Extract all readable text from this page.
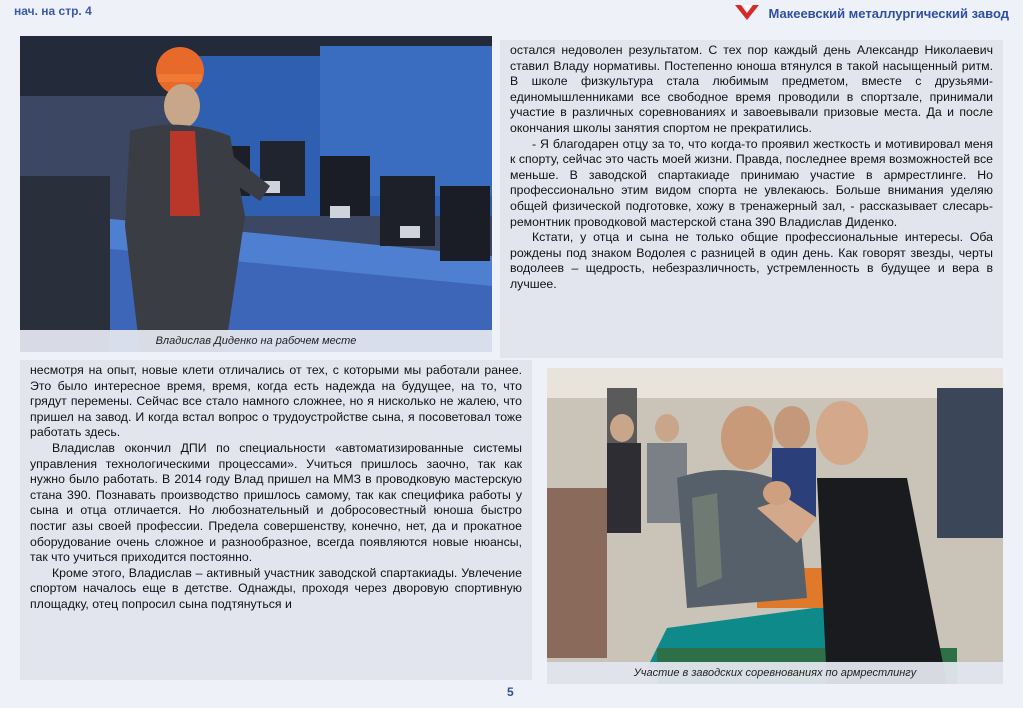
нач. на стр. 4	Макеевский металлургический завод
Владислав Диденко на рабочем месте

остался недоволен результатом. С тех пор каждый день Александр Николаевич ставил Владу нормативы. Постепенно юноша втянулся в такой насыщенный ритм. В школе физкультура стала любимым предметом, вместе с друзьями-единомышленниками все свободное время проводили в спортзале, принимали участие в различных соревнованиях и завоевывали призовые места. Да и после окончания школы занятия спортом не прекратились.

- Я благодарен отцу за то, что когда-то проявил жесткость и мотивировал меня к спорту, сейчас это часть моей жизни. Правда, последнее время возможностей все меньше. В заводской спартакиаде принимаю участие в армрестлинге. Но профессионально этим видом спорта не увлекаюсь. Больше внимания уделяю общей физической подготовке, хожу в тренажерный зал, - рассказывает слесарь-ремонтник проводковой мастерской стана 390 Владислав Диденко.

Кстати, у отца и сына не только общие профессиональные интересы. Оба рождены под знаком Водолея с разницей в один день. Как говорят звезды, черты водолеев – щедрость, небезразличность, устремленность в будущее и вера в лучшее.

несмотря на опыт, новые клети отличались от тех, с которыми мы работали ранее. Это было интересное время, время, когда есть надежда на будущее, на то, что грядут перемены. Сейчас все стало намного сложнее, но я нисколько не жалею, что пришел на завод. И когда встал вопрос о трудоустройстве сына, я посоветовал тоже работать здесь.

Владислав окончил ДПИ по специальности «автоматизированные системы управления технологическими процессами». Учиться пришлось заочно, так как нужно было работать. В 2014 году Влад пришел на ММЗ в проводковую мастерскую стана 390. Познавать производство пришлось самому, так как специфика работы у сына и отца отличается. Но любознательный и добросовестный юноша быстро постиг азы своей профессии. Предела совершенству, конечно, нет, да и прокатное оборудование очень сложное и разнообразное, всегда появляются новые нюансы, так что учиться приходится постоянно.

Кроме этого, Владислав – активный участник заводской спартакиады. Увлечение спортом началось еще в детстве. Однажды, проходя через дворовую спортивную площадку, отец попросил сына подтянуться и

Участие в заводских соревнованиях по армрестлингу
5
